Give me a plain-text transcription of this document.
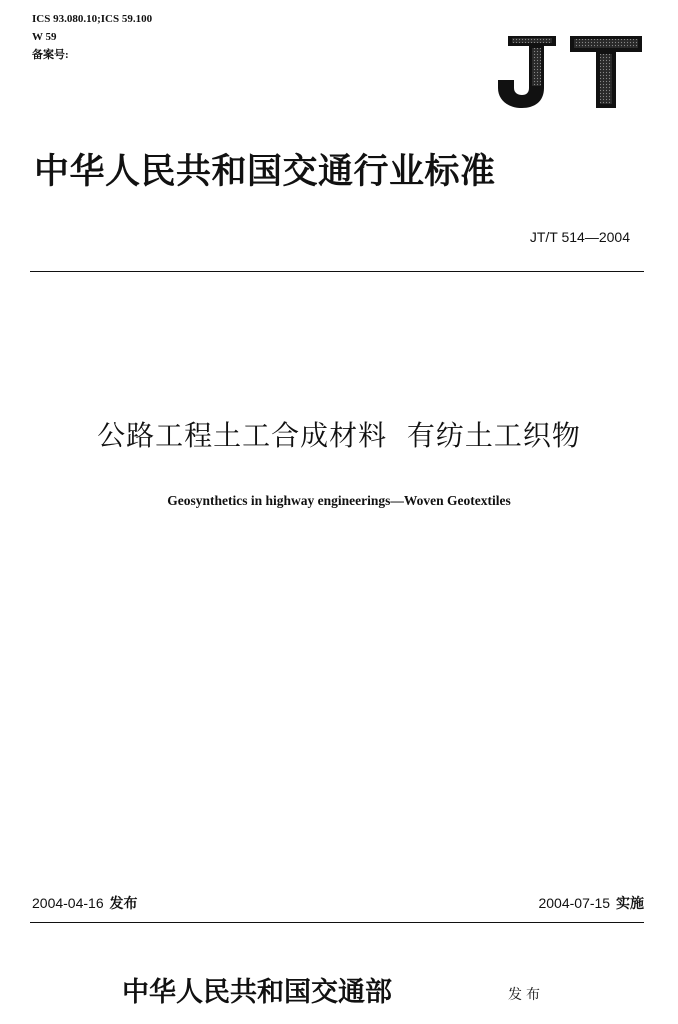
ICS 93.080.10;ICS 59.100
W 59
备案号:
中华人民共和国交通行业标准
JT/T 514—2004
公路工程土工合成材料  有纺土工织物
Geosynthetics in highway engineerings—Woven Geotextiles
2004-04-16 发布	2004-07-15 实施
中华人民共和国交通部	发布
